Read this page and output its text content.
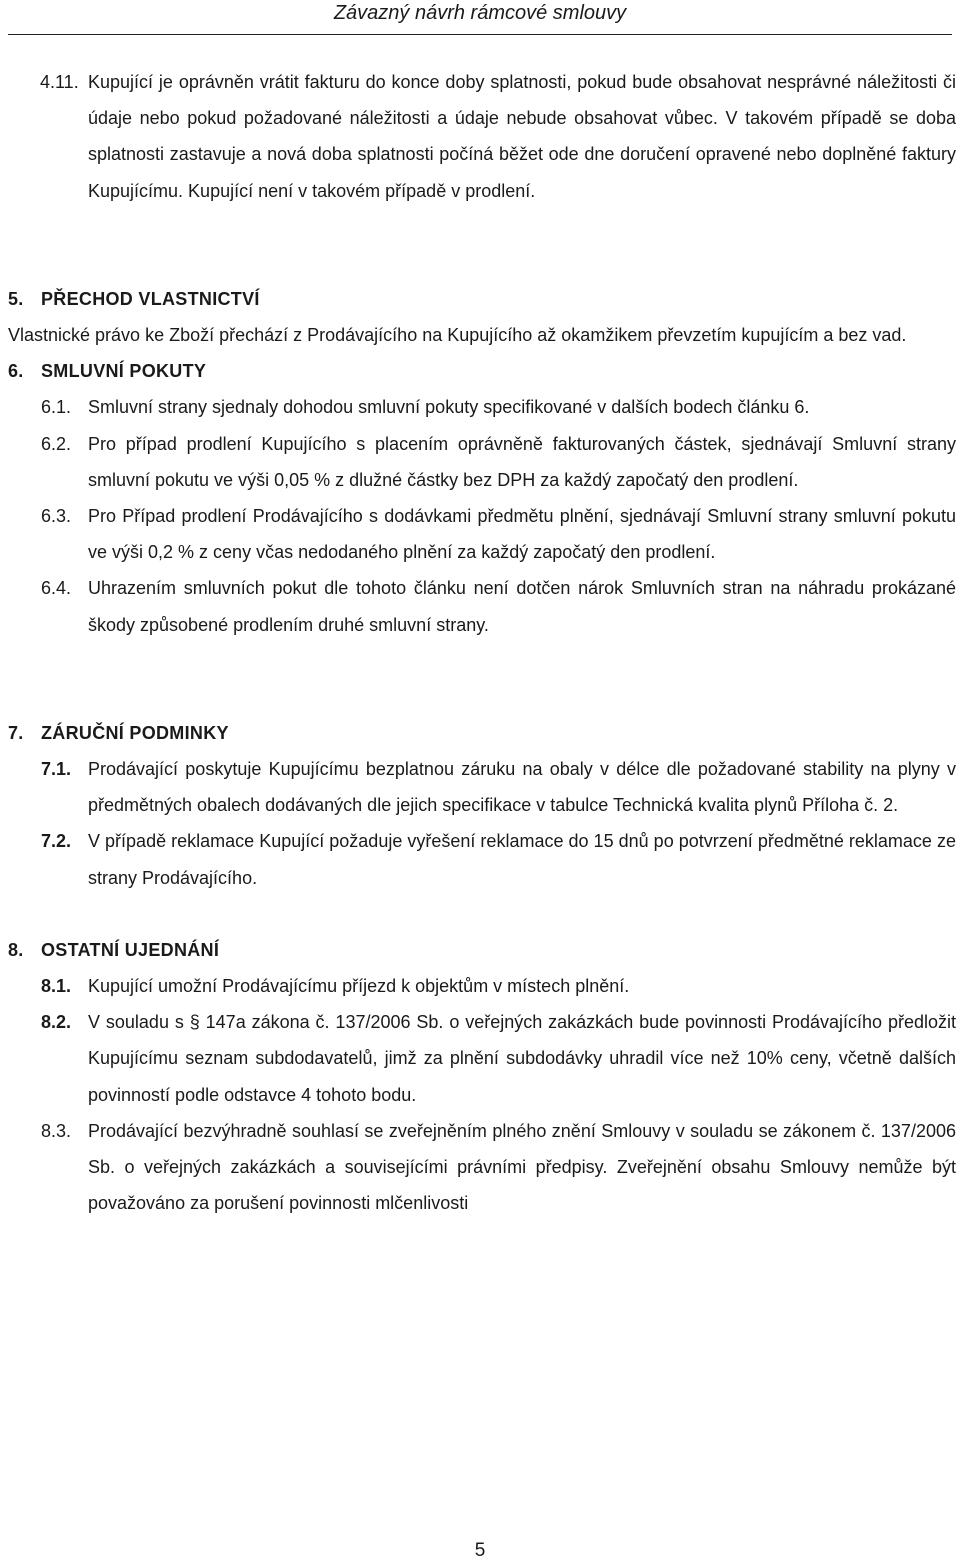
Závazný návrh rámcové smlouvy
4.11. Kupující je oprávněn vrátit fakturu do konce doby splatnosti, pokud bude obsahovat nesprávné náležitosti či údaje nebo pokud požadované náležitosti a údaje nebude obsahovat vůbec. V takovém případě se doba splatnosti zastavuje a nová doba splatnosti počíná běžet ode dne doručení opravené nebo doplněné faktury Kupujícímu. Kupující není v takovém případě v prodlení.
5. PŘECHOD VLASTNICTVÍ
Vlastnické právo ke Zboží přechází z Prodávajícího na Kupujícího až okamžikem převzetím kupujícím a bez vad.
6. SMLUVNÍ POKUTY
6.1. Smluvní strany sjednaly dohodou smluvní pokuty specifikované v dalších bodech článku 6.
6.2. Pro případ prodlení Kupujícího s placením oprávněně fakturovaných částek, sjednávají Smluvní strany smluvní pokutu ve výši 0,05 % z dlužné částky bez DPH za každý započatý den prodlení.
6.3. Pro Případ prodlení Prodávajícího s dodávkami předmětu plnění, sjednávají Smluvní strany smluvní pokutu ve výši 0,2 % z ceny včas nedodaného plnění za každý započatý den prodlení.
6.4. Uhrazením smluvních pokut dle tohoto článku není dotčen nárok Smluvních stran na náhradu prokázané škody způsobené prodlením druhé smluvní strany.
7. ZÁRUČNÍ PODMINKY
7.1. Prodávající poskytuje Kupujícímu bezplatnou záruku na obaly v délce dle požadované stability na plyny v předmětných obalech dodávaných dle jejich specifikace v tabulce Technická kvalita plynů Příloha č. 2.
7.2. V případě reklamace Kupující požaduje vyřešení reklamace do 15 dnů po potvrzení předmětné reklamace ze strany Prodávajícího.
8. OSTATNÍ UJEDNÁNÍ
8.1. Kupující umožní Prodávajícímu příjezd k objektům v místech plnění.
8.2. V souladu s § 147a zákona č. 137/2006 Sb. o veřejných zakázkách bude povinnosti Prodávajícího předložit Kupujícímu seznam subdodavatelů, jimž za plnění subdodávky uhradil více než 10% ceny, včetně dalších povinností podle odstavce 4 tohoto bodu.
8.3. Prodávající bezvýhradně souhlasí se zveřejněním plného znění Smlouvy v souladu se zákonem č. 137/2006 Sb. o veřejných zakázkách a souvisejícími právními předpisy. Zveřejnění obsahu Smlouvy nemůže být považováno za porušení povinnosti mlčenlivosti
5
